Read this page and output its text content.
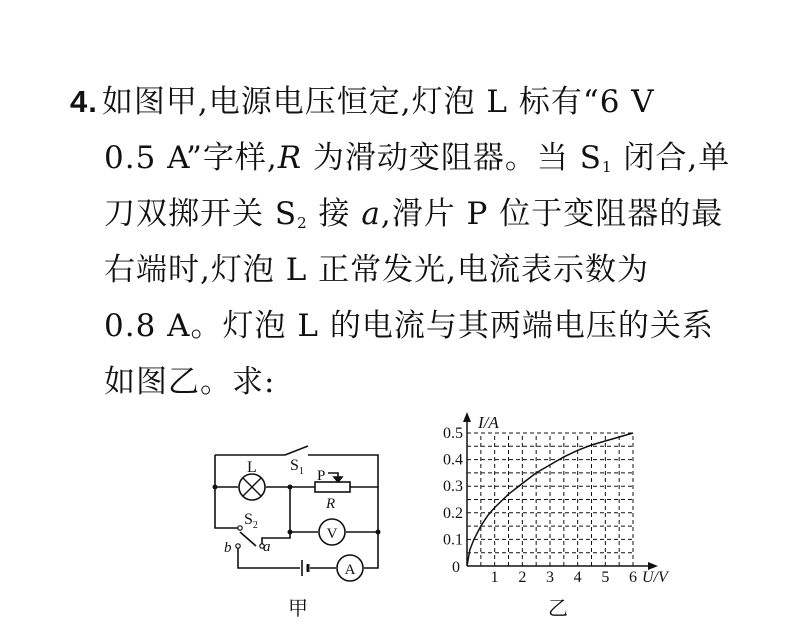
4. 如图甲,电源电压恒定,灯泡 L 标有“6 V
0.5 A”字样,R 为滑动变阻器。当 $S_1$ 闭合,单
刀双掷开关 $S_2$ 接 a,滑片 P 位于变阻器的最
右端时,灯泡 L 正常发光,电流表示数为
0.8 A。灯泡 L 的电流与其两端电压的关系
如图乙。求:
V
A
L $S_1$ P
R
$S_2$
b a
甲
1 2 3 4 5 6
0.1
0.2
0.3
0.4
0.5
I/A
U/V
0
乙
